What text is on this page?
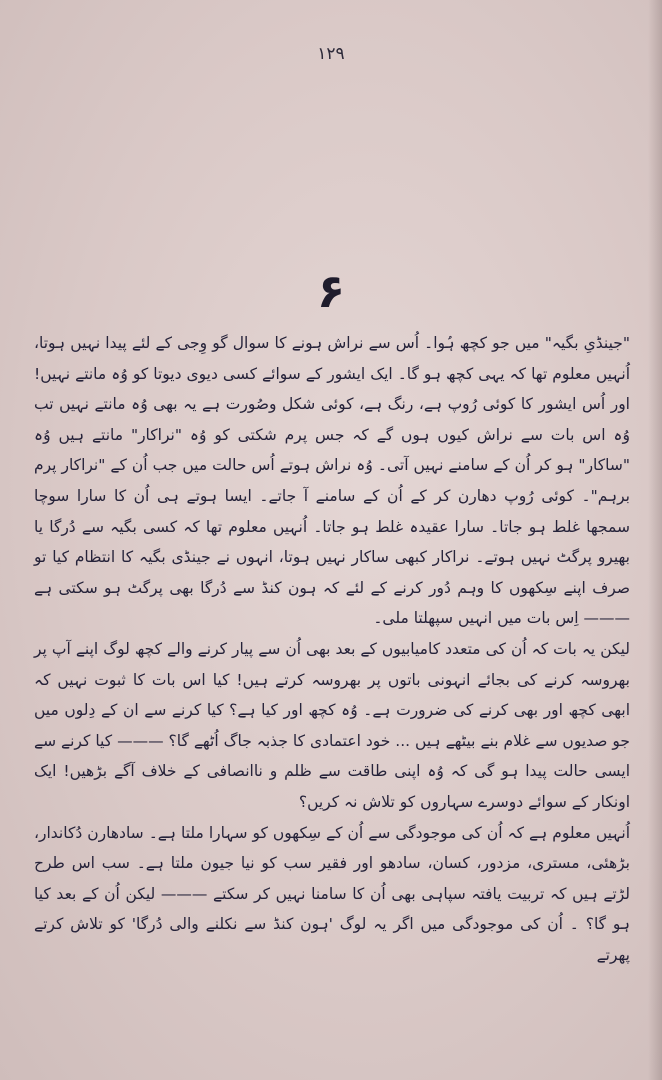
۱۲۹
۶

"جینڈیِ بگیہ" میں جو کچھ ہُوا۔ اُس سے نراش ہونے کا سوال گو وِجی کے لئے پیدا نہیں ہوتا، اُنہیں معلوم تھا کہ یہی کچھ ہو گا۔ ایک ایشور کے سوائے کسی دیوی دیوتا کو وُہ مانتے نہیں! اور اُس ایشور کا کوئی رُوپ ہے، رنگ ہے، کوئی شکل وصُورت ہے یہ بھی وُہ مانتے نہیں تب وُہ اس بات سے نراش کیوں ہوں گے کہ جس پرم شکتی کو وُہ "نراکار" مانتے ہیں وُہ "ساکار" ہو کر اُن کے سامنے نہیں آتی۔ وُہ نراش ہوتے اُس حالت میں جب اُن کے "نراکار پرم برہم"۔ کوئی رُوپ دھارن کر کے اُن کے سامنے آ جاتے۔ ایسا ہوتے ہی اُن کا سارا سوچا سمجھا غلط ہو جاتا۔ سارا عقیدہ غلط ہو جاتا۔ اُنہیں معلوم تھا کہ کسی بگیہ سے دُرگا یا بھیرو پرگٹ نہیں ہوتے۔ نراکار کبھی ساکار نہیں ہوتا، انہوں نے جینڈی بگیہ کا انتظام کیا تو صرف اپنے سِکھوں کا وہم دُور کرنے کے لئے کہ ہون کنڈ سے دُرگا بھی پرگٹ ہو سکتی ہے ——— اِس بات میں انہیں سپھلتا ملی۔

لیکن یہ بات کہ اُن کی متعدد کامیابیوں کے بعد بھی اُن سے پیار کرنے والے کچھ لوگ اپنے آپ پر بھروسہ کرنے کی بجائے انہونی باتوں پر بھروسہ کرتے ہیں! کیا اس بات کا ثبوت نہیں کہ ابھی کچھ اور بھی کرنے کی ضرورت ہے۔ وُہ کچھ اور کیا ہے؟ کیا کرنے سے ان کے دِلوں میں جو صدیوں سے غلام بنے بیٹھے ہیں ... خود اعتمادی کا جذبہ جاگ اُٹھے گا؟ ——— کیا کرنے سے ایسی حالت پیدا ہو گی کہ وُہ اپنی طاقت سے ظلم و ناانصافی کے خلاف آگے بڑھیں! ایک اونکار کے سوائے دوسرے سہاروں کو تلاش نہ کریں؟

اُنہیں معلوم ہے کہ اُن کی موجودگی سے اُن کے سِکھوں کو سہارا ملتا ہے۔ سادھارن دُکاندار، بڑھئی، مستری، مزدور، کسان، سادھو اور فقیر سب کو نیا جیون ملتا ہے۔ سب اس طرح لڑتے ہیں کہ تربیت یافتہ سپاہی بھی اُن کا سامنا نہیں کر سکتے ——— لیکن اُن کے بعد کیا ہو گا؟ ۔ اُن کی موجودگی میں اگر یہ لوگ 'ہون کنڈ سے نکلنے والی دُرگا' کو تلاش کرتے پھرتے
